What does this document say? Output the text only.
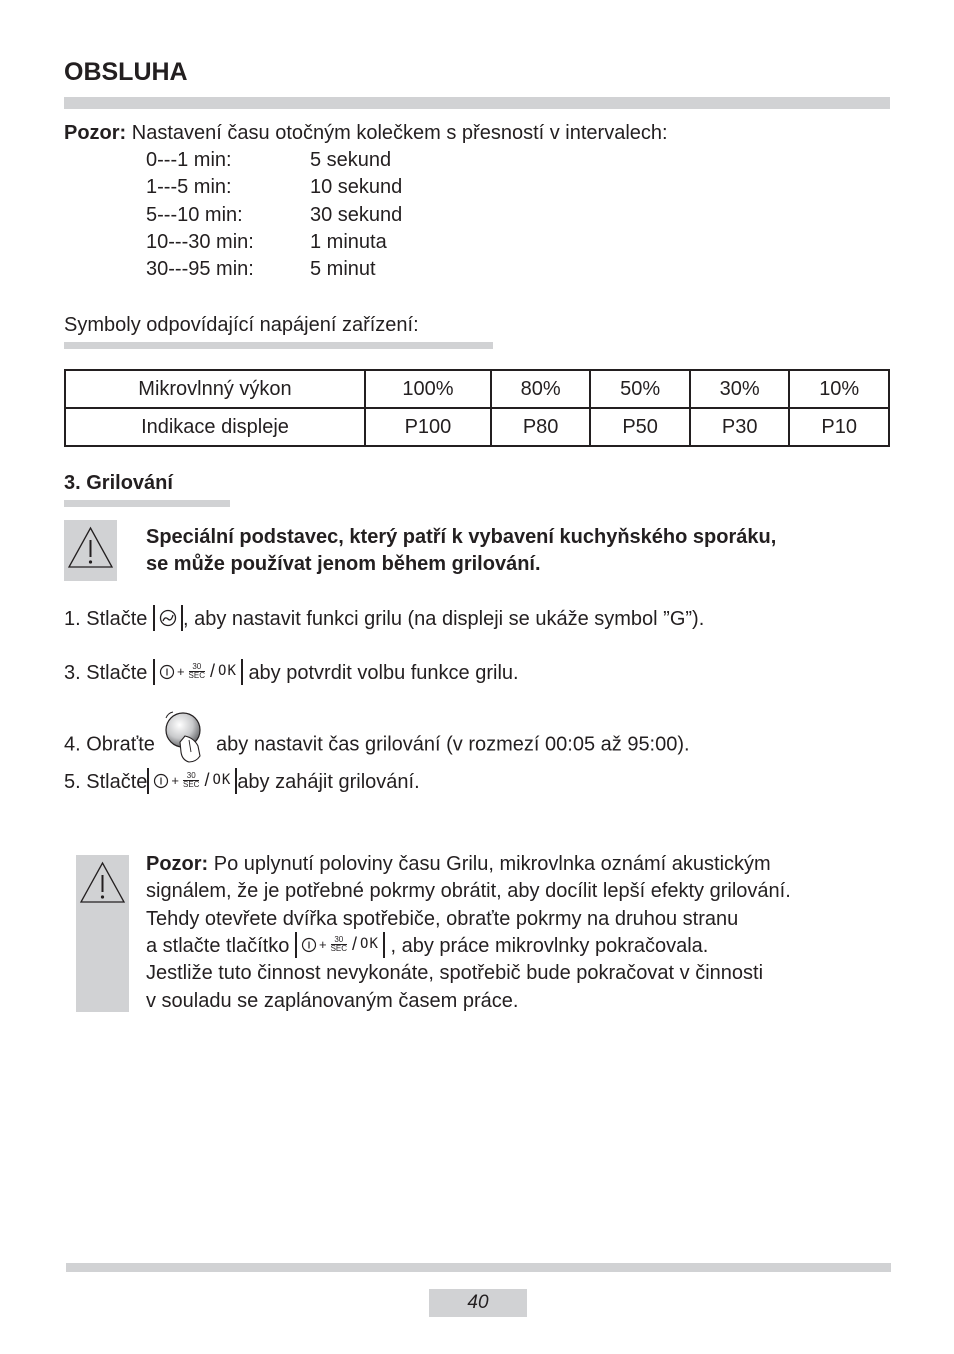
OBSLUHA
Pozor: Nastavení času otočným kolečkem s přesností v intervalech:
0---1 min:	5 sekund
1---5 min:	10 sekund
5---10 min:	30 sekund
10---30 min:	1 minuta
30---95 min:	5 minut
Symboly odpovídající napájení zařízení:
Mikrovlnný výkon	100%	80%	50%	30%	10%
Indikace displeje	P100	P80	P50	P30	P10
3. Grilování
Speciální podstavec, který patří k vybavení kuchyňského sporáku,
se může používat jenom během grilování.
1. Stlačte , aby nastavit funkci grilu (na displeji se ukáže symbol ”G”).
3. Stlačte + 30
SEC / OK aby potvrdit volbu funkce grilu.
4. Obraťte	aby nastavit čas grilování (v rozmezí 00:05 až 95:00).
5. Stlačte + 30
SEC / OK aby zahájit grilování.
Pozor: Po uplynutí poloviny času Grilu, mikrovlnka oznámí akustickým
signálem, že je potřebné pokrmy obrátit, aby docílit lepší efekty grilování.
Tehdy otevřete dvířka spotřebiče, obraťte pokrmy na druhou stranu
a stlačte tlačítko + 30
SEC / OK , aby práce mikrovlnky pokračovala.
Jestliže tuto činnost nevykonáte, spotřebič bude pokračovat v činnosti
v souladu se zaplánovaným časem práce.
40
